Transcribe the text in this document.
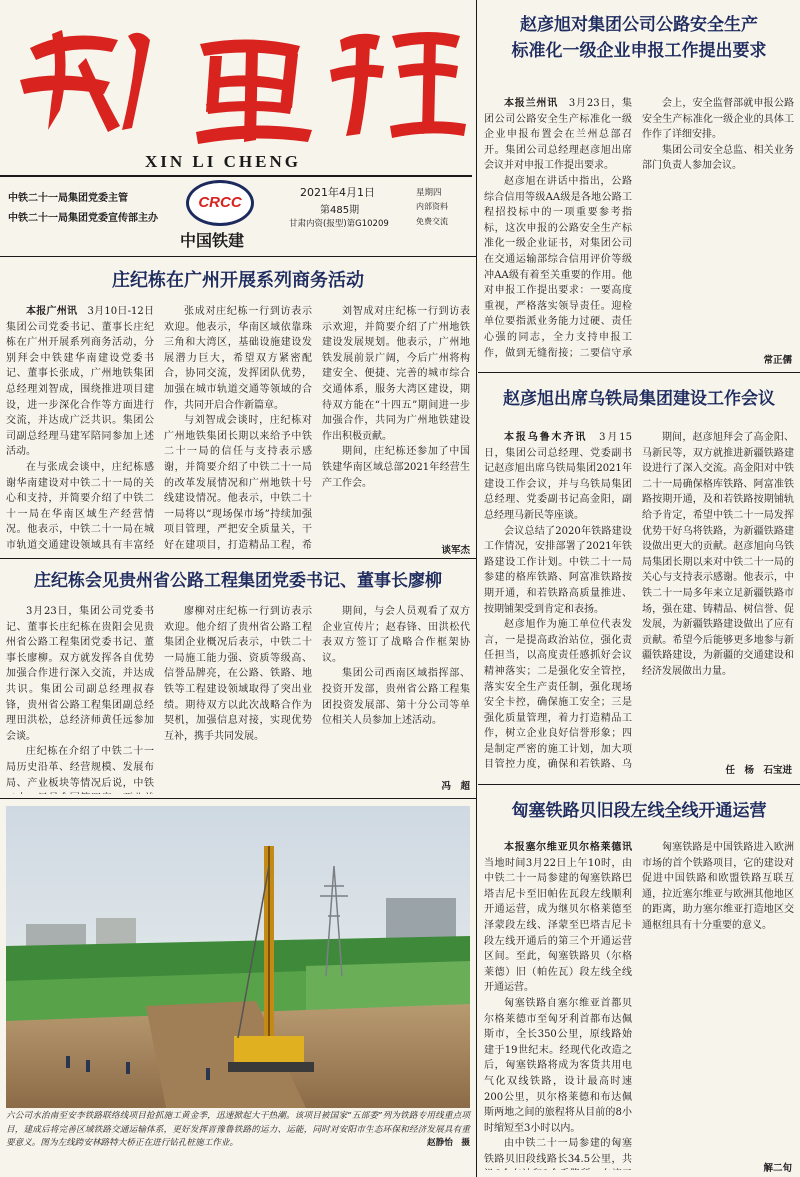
XIN LI CHENG
中铁二十一局集团党委主管
中铁二十一局集团党委宣传部主办
CRCC
中国铁建
2021年4月1日
第485期
甘肃内资(报型)第G10209
星期四
内部资料
免费交流
赵彦旭对集团公司公路安全生产
标准化一级企业申报工作提出要求

本报兰州讯　 3月23日，集团公司公路安全生产标准化一级企业申报布置会在兰州总部召开。集团公司总经理赵彦旭出席会议并对申报工作提出要求。

赵彦旭在讲话中指出，公路综合信用等级AA级是各地公路工程招投标中的一项重要参考指标，这次申报的公路安全生产标准化一级企业证书，对集团公司在交通运输部综合信用评价等级冲AA级有着至关重要的作用。他对申报工作提出要求：一要高度重视，严格落实领导责任。迎检单位要指派业务能力过硬、责任心强的同志，全力支持申报工作，做到无缝衔接；二要信守承

会上，安全监督部就申报公路安全生产标准化一级企业的具体工作作了详细安排。

集团公司安全总监、相关业务部门负责人参加会议。

常正儒
赵彦旭出席乌铁局集团建设工作会议

本报乌鲁木齐讯　 3月15日，集团公司总经理、党委副书记赵彦旭出席乌铁局集团2021年建设工作会议，并与乌铁局集团总经理、党委副书记高金阳，副总经理马新民等座谈。

会议总结了2020年铁路建设工作情况，安排部署了2021年铁路建设工作计划。中铁二十一局参建的格库铁路、阿富准铁路按期开通，和若铁路高质量推进、按期铺架受到肯定和表扬。

赵彦旭作为施工单位代表发言，一是提高政治站位，强化责任担当，以高度责任感抓好会议精神落实；二是强化安全管控，落实安全生产责任制，强化现场安全卡控，确保施工安全；三是强化质量管理，着力打造精品工作，树立企业良好信誉形象；四是制定严密的施工计划，加大项目管控力度，确保和若铁路、乌

期间，赵彦旭拜会了高金阳、马新民等，双方就推进新疆铁路建设进行了深入交流。高金阳对中铁二十一局确保格库铁路、阿富准铁路按期开通，及和若铁路按期铺轨给予肯定，希望中铁二十一局发挥优势干好乌将铁路，为新疆铁路建设做出更大的贡献。赵彦旭向乌铁局集团长期以来对中铁二十一局的关心与支持表示感谢。他表示，中铁二十一局多年来立足新疆铁路市场，强在建、铸精品、树信誉、促发展，为新疆铁路建设做出了应有贡献。希望今后能够更多地参与新疆铁路建设，为新疆的交通建设和经济发展做出力量。

任　杨　石宝进
匈塞铁路贝旧段左线全线开通运营

本报塞尔维亚贝尔格莱德讯　当地时间3月22日上午10时，由中铁二十一局参建的匈塞铁路巴塔吉尼卡至旧帕佐瓦段左线顺利开通运营，成为继贝尔格莱德至泽蒙段左线、泽蒙至巴塔吉尼卡段左线开通后的第三个开通运营区间。至此，匈塞铁路贝（尔格莱德）旧（帕佐瓦）段左线全线开通运营。

匈塞铁路自塞尔维亚首都贝尔格莱德市至匈牙利首都布达佩斯市，全长350公里，原线路始建于19世纪末。经现代化改造之后，匈塞铁路将成为客货共用电气化双线铁路，设计最高时速200公里，贝尔格莱德和布达佩斯两地之间的旅程将从目前的8小时缩短至3小时以内。

由中铁二十一局参建的匈塞铁路贝旧段线路长34.5公里，共

匈塞铁路是中国铁路进入欧洲市场的首个铁路项目，它的建设对促进中国铁路和欧盟铁路互联互通，拉近塞尔维亚与欧洲其他地区的距离，助力塞尔维亚打造地区交通枢纽具有十分重要的意义。

解二旬
庄纪栋在广州开展系列商务活动

本报广州讯　 3月10日-12日集团公司党委书记、董事长庄纪栋在广州开展系列商务活动，分别拜会中铁建华南建设党委书记、董事长张成，广州地铁集团总经理刘智成，围绕推进项目建设，进一步深化合作等方面进行交流，并达成广泛共识。集团公司副总经理马建军陪同参加上述活动。

在与张成会谈中，庄纪栋感谢华南建设对中铁二十一局的关心和支持，并简要介绍了中铁二十一局在华南区域生产经营情况。他表示，中铁二十一局在城市轨道交通建设领域具有丰富经

张成对庄纪栋一行到访表示欢迎。他表示，华南区域依靠珠三角和大湾区，基础设施建设发展潜力巨大，希望双方紧密配合，协同交流，发挥团队优势，加强在城市轨道交通等领域的合作，共同开启合作新篇章。

与刘智成会谈时，庄纪栋对广州地铁集团长期以来给予中铁二十一局的信任与支持表示感谢，并简要介绍了中铁二十一局的改革发展情况和广州地铁十号线建设情况。他表示，中铁二十一局将以“现场保市场”持续加强项目管理，严把安全质量关，干好在建项目，打造精品工程，希

刘智成对庄纪栋一行到访表示欢迎，并简要介绍了广州地铁建设发展规划。他表示，广州地铁发展前景广阔，今后广州将构建安全、便捷、完善的城市综合交通体系，服务大湾区建设，期待双方能在“十四五”期间进一步加强合作，共同为广州地铁建设作出积极贡献。

期间，庄纪栋还参加了中国铁建华南区域总部2021年经营生产工作会。

谈军杰
庄纪栋会见贵州省公路工程集团党委书记、董事长廖柳

3月23日，集团公司党委书记、董事长庄纪栋在贵阳会见贵州省公路工程集团党委书记、董事长廖柳。双方就发挥各自优势加强合作进行深入交流，并达成共识。集团公司副总经理叔春锋，贵州省公路工程集团副总经理田洪松，总经济师黄任远参加会谈。

庄纪栋在介绍了中铁二十一局历史沿革、经营规模、发展布局、产业板块等情况后说，中铁

廖柳对庄纪栋一行到访表示欢迎。他介绍了贵州省公路工程集团企业概况后表示，中铁二十一局施工能力强、资质等级高、信誉品牌亮，在公路、铁路、地铁等工程建设领域取得了突出业绩。期待双方以此次战略合作为契机，加强信息对接，实现优势互补，携手共同发展。

期间，与会人员观看了双方企业宣传片；赵春锋、田洪松代表双方签订了战略合作框架协议。

集团公司西南区域指挥部、投资开发部，贵州省公路工程集团投资发展部、第十分公司等单位相关人员参加上述活动。

冯　超
六公司水治南至安李铁路联络线项目抢抓施工黄金季，迅速掀起大干热潮。该项目被国家“五部委”列为铁路专用线重点项目，建成后将完善区域铁路交通运输体系，更好发挥晋豫鲁铁路的运力、运能，同时对安阳市生态环保和经济发展具有重要意义。图为左线跨安林路特大桥正在进行钻孔桩施工作业。	赵静怡　摄
